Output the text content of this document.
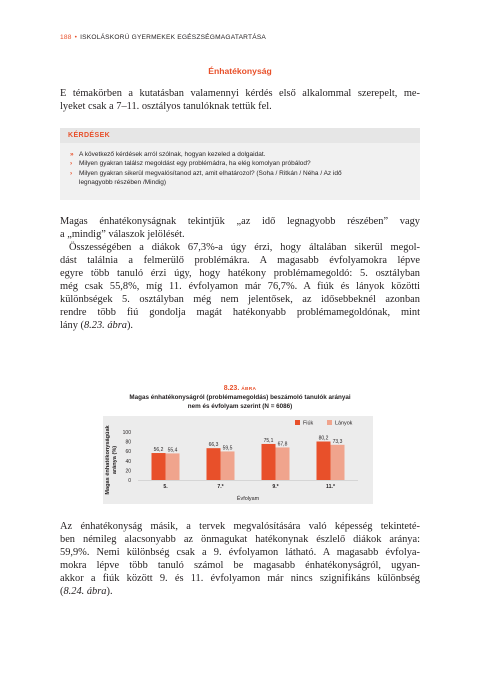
188 • ISKOLÁSKORÚ GYERMEKEK EGÉSZSÉGMAGATARTÁSA
Énhatékonyság
E témakörben a kutatásban valamennyi kérdés első alkalommal szerepelt, me-
lyeket csak a 7–11. osztályos tanulóknak tettük fel.
KÉRDÉSEK
» A következő kérdések arról szólnak, hogyan kezeled a dolgaidat.
› Milyen gyakran találsz megoldást egy problémádra, ha elég komolyan próbálod?
› Milyen gyakran sikerül megvalósítanod azt, amit elhatározol? (Soha / Ritkán / Néha / Az idő
legnagyobb részében /Mindig)
Magas énhatékonyságnak tekintjük „az idő legnagyobb részében” vagy
a „mindig” válaszok jelölését.
Összességében a diákok 67,3%-a úgy érzi, hogy általában sikerül megol-
dást találnia a felmerülő problémákra. A magasabb évfolyamokra lépve
egyre több tanuló érzi úgy, hogy hatékony problémamegoldó: 5. osztályban
még csak 55,8%, míg 11. évfolyamon már 76,7%. A fiúk és lányok közötti
különbségek 5. osztályban még nem jelentősek, az idősebbeknél azonban
rendre több fiú gondolja magát hatékonyabb problémamegoldónak, mint
lány (8.23. ábra).
8.23. ÁBRA
Magas énhatékonyságról (problémamegoldás) beszámoló tanulók arányai
nem és évfolyam szerint (N = 6086)
100
80
60
40
20
0
Magas énhatékonyságúak aránya (%)	56,2 55,4
5.
66,3
59,5
7.*
75,1
67,8
9.*
80,2
73,3
11.*
Évfolyam
Fiúk	Lányok
Az énhatékonyság másik, a tervek megvalósítására való képesség tekinteté-
ben némileg alacsonyabb az önmagukat hatékonynak észlelő diákok aránya:
59,9%. Nemi különbség csak a 9. évfolyamon látható. A magasabb évfolya-
mokra lépve több tanuló számol be magasabb énhatékonyságról, ugyan-
akkor a fiúk között 9. és 11. évfolyamon már nincs szignifikáns különbség
(8.24. ábra).
